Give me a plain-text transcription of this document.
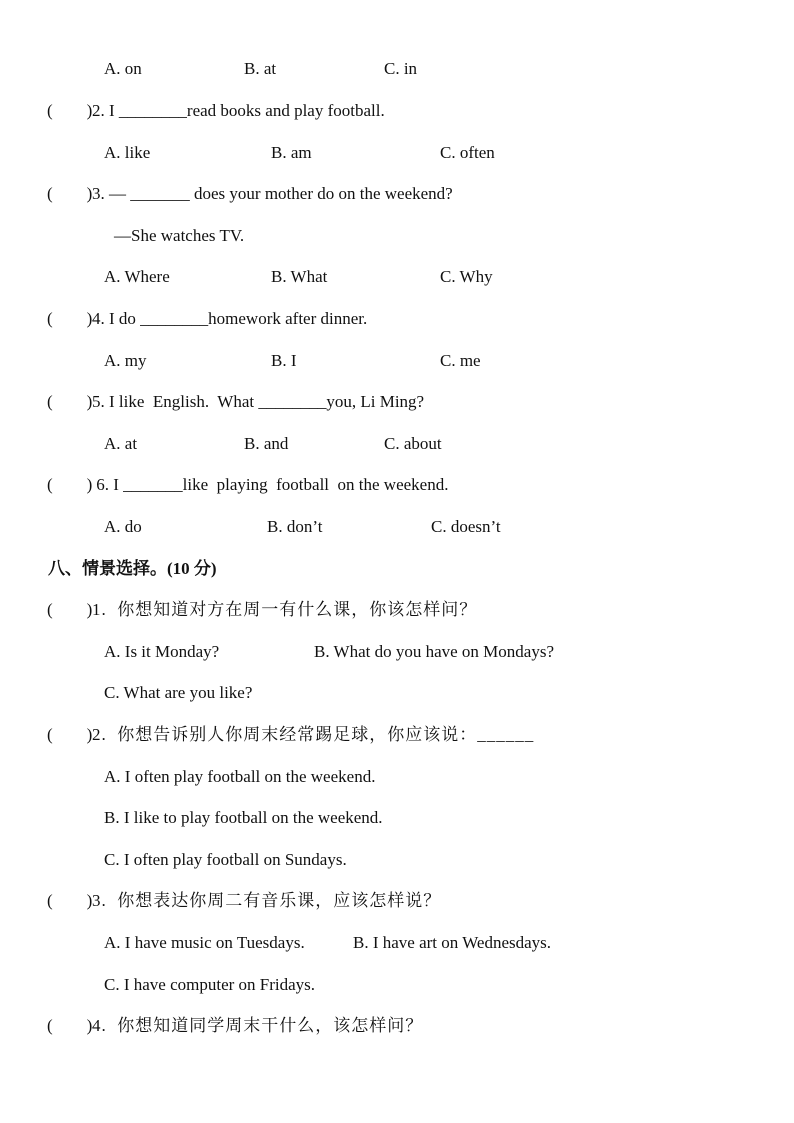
A. on	B. at	C. in
(        ) 2. I ________read books and play football.
A. like	B. am	C. often
(        ) 3. — _______ does your mother do on the weekend?
—She watches TV.
A. Where	B. What	C. Why
(        ) 4. I do ________homework after dinner.
A. my	B. I	C. me
(        ) 5. I like  English.  What ________you, Li Ming?
A. at	B. and	C. about
(        ) 6. I _______like  playing  football  on the weekend.
A. do	B. don’t	C. doesn’t
八、情景选择。(10 分)
(        ) 1.  你想知道对方在周一有什么课，你该怎样问？
A. Is it Monday?	B. What do you have on Mondays?
C. What are you like?
(        ) 2.  你想告诉别人你周末经常踢足球，你应该说：______
A. I often play football on the weekend.
B. I like to play football on the weekend.
C. I often play football on Sundays.
(        ) 3.  你想表达你周二有音乐课，应该怎样说？
A. I have music on Tuesdays.	B. I have art on Wednesdays.
C. I have computer on Fridays.
(        ) 4.  你想知道同学周末干什么，该怎样问？
